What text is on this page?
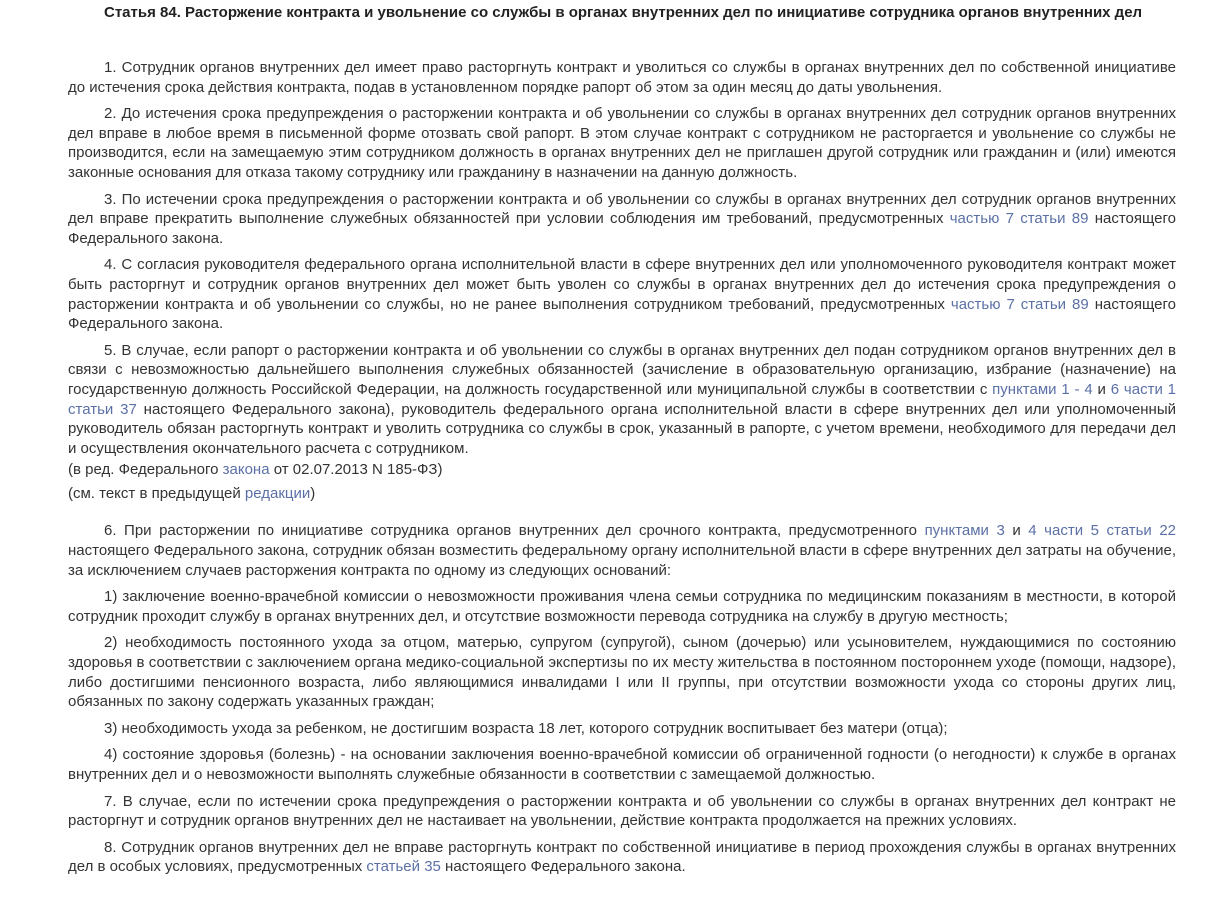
Статья 84. Расторжение контракта и увольнение со службы в органах внутренних дел по инициативе сотрудника органов внутренних дел

1. Сотрудник органов внутренних дел имеет право расторгнуть контракт и уволиться со службы в органах внутренних дел по собственной инициативе до истечения срока действия контракта, подав в установленном порядке рапорт об этом за один месяц до даты увольнения.

2. До истечения срока предупреждения о расторжении контракта и об увольнении со службы в органах внутренних дел сотрудник органов внутренних дел вправе в любое время в письменной форме отозвать свой рапорт. В этом случае контракт с сотрудником не расторгается и увольнение со службы не производится, если на замещаемую этим сотрудником должность в органах внутренних дел не приглашен другой сотрудник или гражданин и (или) имеются законные основания для отказа такому сотруднику или гражданину в назначении на данную должность.

3. По истечении срока предупреждения о расторжении контракта и об увольнении со службы в органах внутренних дел сотрудник органов внутренних дел вправе прекратить выполнение служебных обязанностей при условии соблюдения им требований, предусмотренных частью 7 статьи 89 настоящего Федерального закона.

4. С согласия руководителя федерального органа исполнительной власти в сфере внутренних дел или уполномоченного руководителя контракт может быть расторгнут и сотрудник органов внутренних дел может быть уволен со службы в органах внутренних дел до истечения срока предупреждения о расторжении контракта и об увольнении со службы, но не ранее выполнения сотрудником требований, предусмотренных частью 7 статьи 89 настоящего Федерального закона.

5. В случае, если рапорт о расторжении контракта и об увольнении со службы в органах внутренних дел подан сотрудником органов внутренних дел в связи с невозможностью дальнейшего выполнения служебных обязанностей (зачисление в образовательную организацию, избрание (назначение) на государственную должность Российской Федерации, на должность государственной или муниципальной службы в соответствии с пунктами 1 - 4 и 6 части 1 статьи 37 настоящего Федерального закона), руководитель федерального органа исполнительной власти в сфере внутренних дел или уполномоченный руководитель обязан расторгнуть контракт и уволить сотрудника со службы в срок, указанный в рапорте, с учетом времени, необходимого для передачи дел и осуществления окончательного расчета с сотрудником.

(в ред. Федерального закона от 02.07.2013 N 185-ФЗ)

(см. текст в предыдущей редакции)

6. При расторжении по инициативе сотрудника органов внутренних дел срочного контракта, предусмотренного пунктами 3 и 4 части 5 статьи 22 настоящего Федерального закона, сотрудник обязан возместить федеральному органу исполнительной власти в сфере внутренних дел затраты на обучение, за исключением случаев расторжения контракта по одному из следующих оснований:

1) заключение военно-врачебной комиссии о невозможности проживания члена семьи сотрудника по медицинским показаниям в местности, в которой сотрудник проходит службу в органах внутренних дел, и отсутствие возможности перевода сотрудника на службу в другую местность;

2) необходимость постоянного ухода за отцом, матерью, супругом (супругой), сыном (дочерью) или усыновителем, нуждающимися по состоянию здоровья в соответствии с заключением органа медико-социальной экспертизы по их месту жительства в постоянном постороннем уходе (помощи, надзоре), либо достигшими пенсионного возраста, либо являющимися инвалидами I или II группы, при отсутствии возможности ухода со стороны других лиц, обязанных по закону содержать указанных граждан;

3) необходимость ухода за ребенком, не достигшим возраста 18 лет, которого сотрудник воспитывает без матери (отца);

4) состояние здоровья (болезнь) - на основании заключения военно-врачебной комиссии об ограниченной годности (о негодности) к службе в органах внутренних дел и о невозможности выполнять служебные обязанности в соответствии с замещаемой должностью.

7. В случае, если по истечении срока предупреждения о расторжении контракта и об увольнении со службы в органах внутренних дел контракт не расторгнут и сотрудник органов внутренних дел не настаивает на увольнении, действие контракта продолжается на прежних условиях.

8. Сотрудник органов внутренних дел не вправе расторгнуть контракт по собственной инициативе в период прохождения службы в органах внутренних дел в особых условиях, предусмотренных статьей 35 настоящего Федерального закона.
